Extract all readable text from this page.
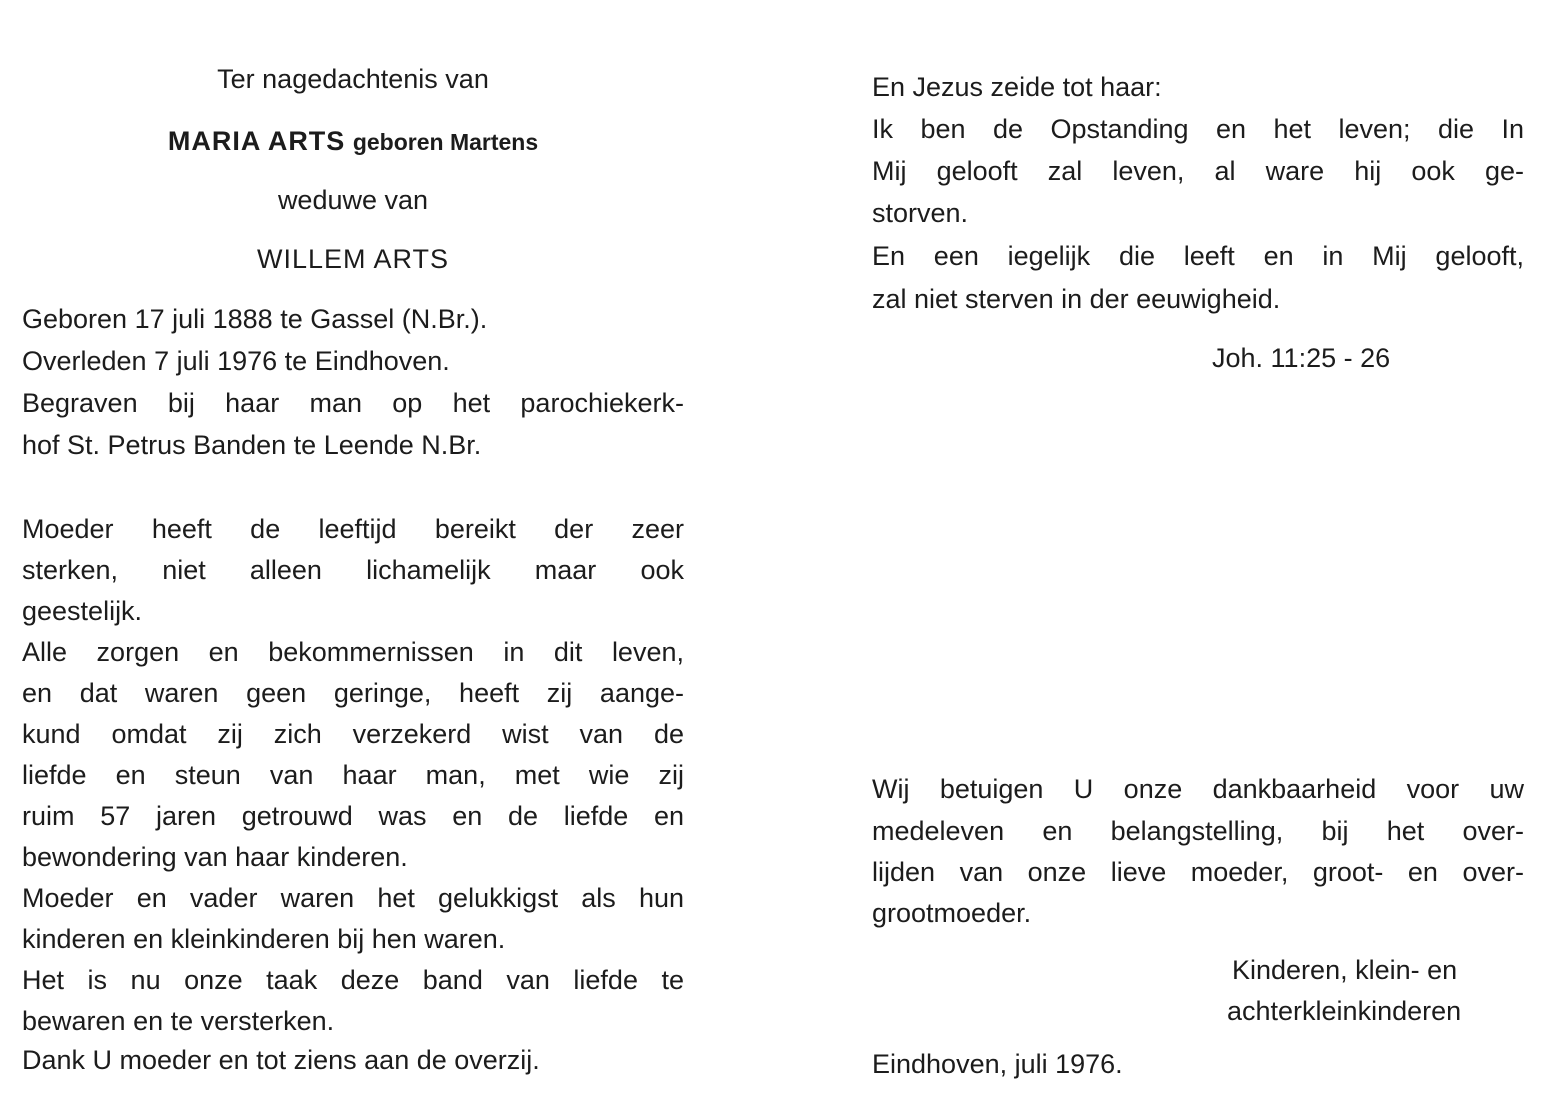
Ter nagedachtenis van
MARIA ARTS geboren Martens
weduwe van
WILLEM ARTS
Geboren 17 juli 1888 te Gassel (N.Br.).
Overleden 7 juli 1976 te Eindhoven.
Begraven bij haar man op het parochiekerk-
hof St. Petrus Banden te Leende N.Br.
Moeder heeft de leeftijd bereikt der zeer
sterken, niet alleen lichamelijk maar ook
geestelijk.
Alle zorgen en bekommernissen in dit leven,
en dat waren geen geringe, heeft zij aange-
kund omdat zij zich verzekerd wist van de
liefde en steun van haar man, met wie zij
ruim 57 jaren getrouwd was en de liefde en
bewondering van haar kinderen.
Moeder en vader waren het gelukkigst als hun
kinderen en kleinkinderen bij hen waren.
Het is nu onze taak deze band van liefde te
bewaren en te versterken.
Dank U moeder en tot ziens aan de overzij.
En Jezus zeide tot haar:
Ik ben de Opstanding en het leven; die In
Mij gelooft zal leven, al ware hij ook ge-
storven.
En een iegelijk die leeft en in Mij gelooft,
zal niet sterven in der eeuwigheid.
Joh. 11:25 - 26
Wij betuigen U onze dankbaarheid voor uw
medeleven en belangstelling, bij het over-
lijden van onze lieve moeder, groot- en over-
grootmoeder.
Kinderen, klein- en
achterkleinkinderen
Eindhoven, juli 1976.
